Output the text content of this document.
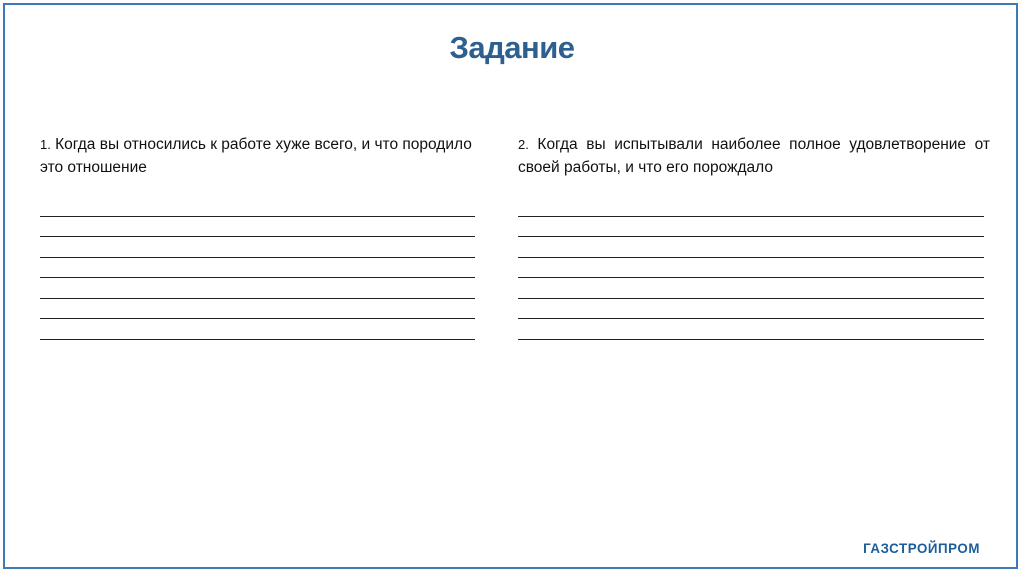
Задание
1. Когда вы относились к работе хуже всего, и что породило это отношение
2. Когда вы испытывали наиболее полное удовлетворение от своей работы, и что его порождало
ГАЗСТРОЙПРОМ
